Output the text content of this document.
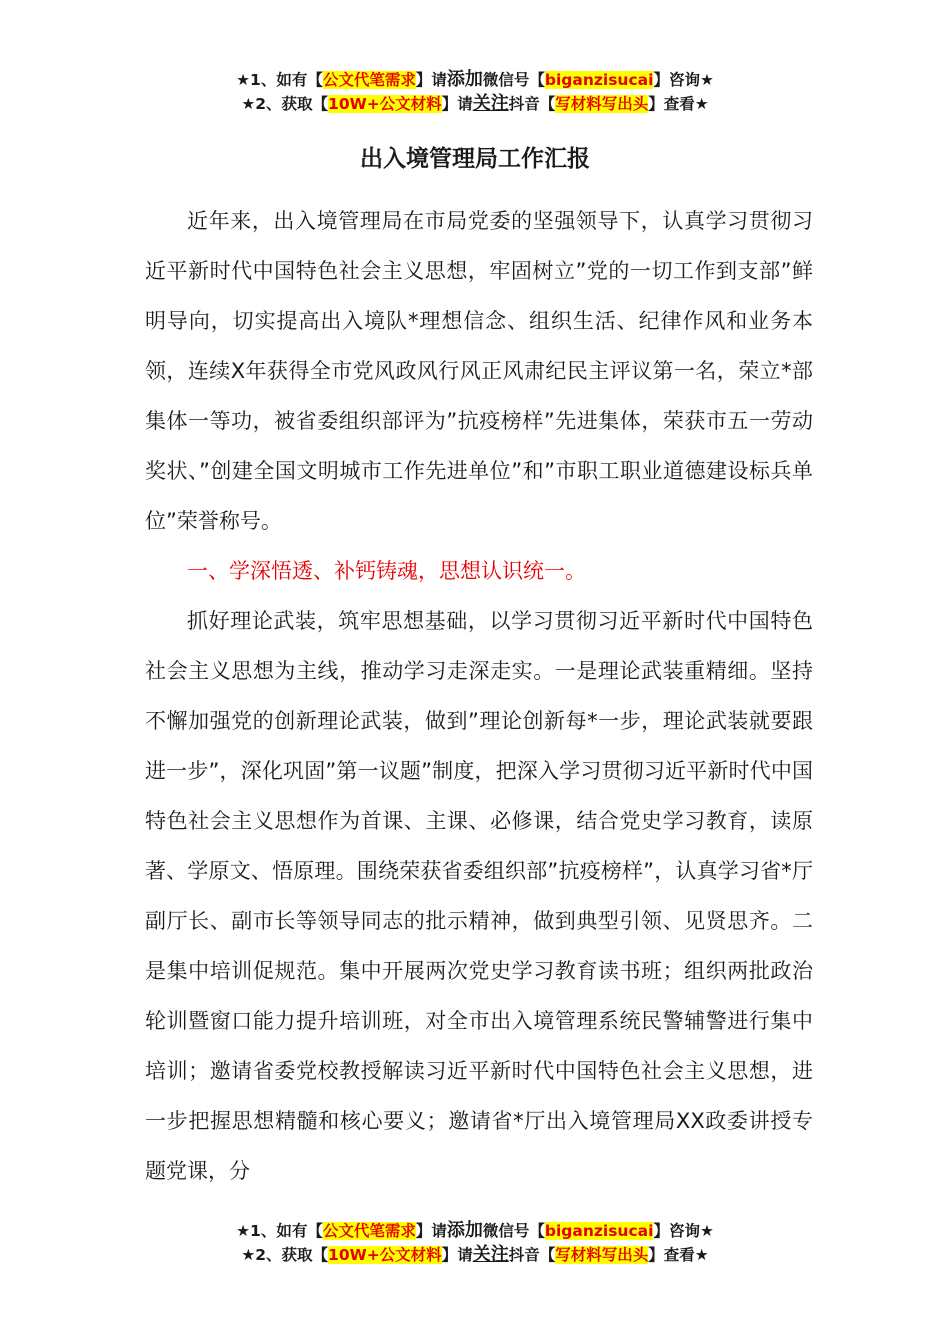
★1、如有【公文代笔需求】请添加微信号【biganzisucai】咨询★
★2、获取【10W+公文材料】请关注抖音【写材料写出头】查看★
出入境管理局工作汇报

近年来，出入境管理局在市局党委的坚强领导下，认真学习贯彻习近平新时代中国特色社会主义思想，牢固树立”党的一切工作到支部”鲜明导向，切实提高出入境队*理想信念、组织生活、纪律作风和业务本领，连续X年获得全市党风政风行风正风肃纪民主评议第一名，荣立*部集体一等功，被省委组织部评为”抗疫榜样”先进集体，荣获市五一劳动奖状、”创建全国文明城市工作先进单位”和”市职工职业道德建设标兵单位”荣誉称号。

一、学深悟透、补钙铸魂，思想认识统一。

抓好理论武装，筑牢思想基础，以学习贯彻习近平新时代中国特色社会主义思想为主线，推动学习走深走实。一是理论武装重精细。坚持不懈加强党的创新理论武装，做到”理论创新每*一步，理论武装就要跟进一步”，深化巩固”第一议题”制度，把深入学习贯彻习近平新时代中国特色社会主义思想作为首课、主课、必修课，结合党史学习教育，读原著、学原文、悟原理。围绕荣获省委组织部”抗疫榜样”，认真学习省*厅副厅长、副市长等领导同志的批示精神，做到典型引领、见贤思齐。二是集中培训促规范。集中开展两次党史学习教育读书班；组织两批政治轮训暨窗口能力提升培训班，对全市出入境管理系统民警辅警进行集中培训；邀请省委党校教授解读习近平新时代中国特色社会主义思想，进一步把握思想精髓和核心要义；邀请省*厅出入境管理局XX政委讲授专题党课，分

★1、如有【公文代笔需求】请添加微信号【biganzisucai】咨询★
★2、获取【10W+公文材料】请关注抖音【写材料写出头】查看★
